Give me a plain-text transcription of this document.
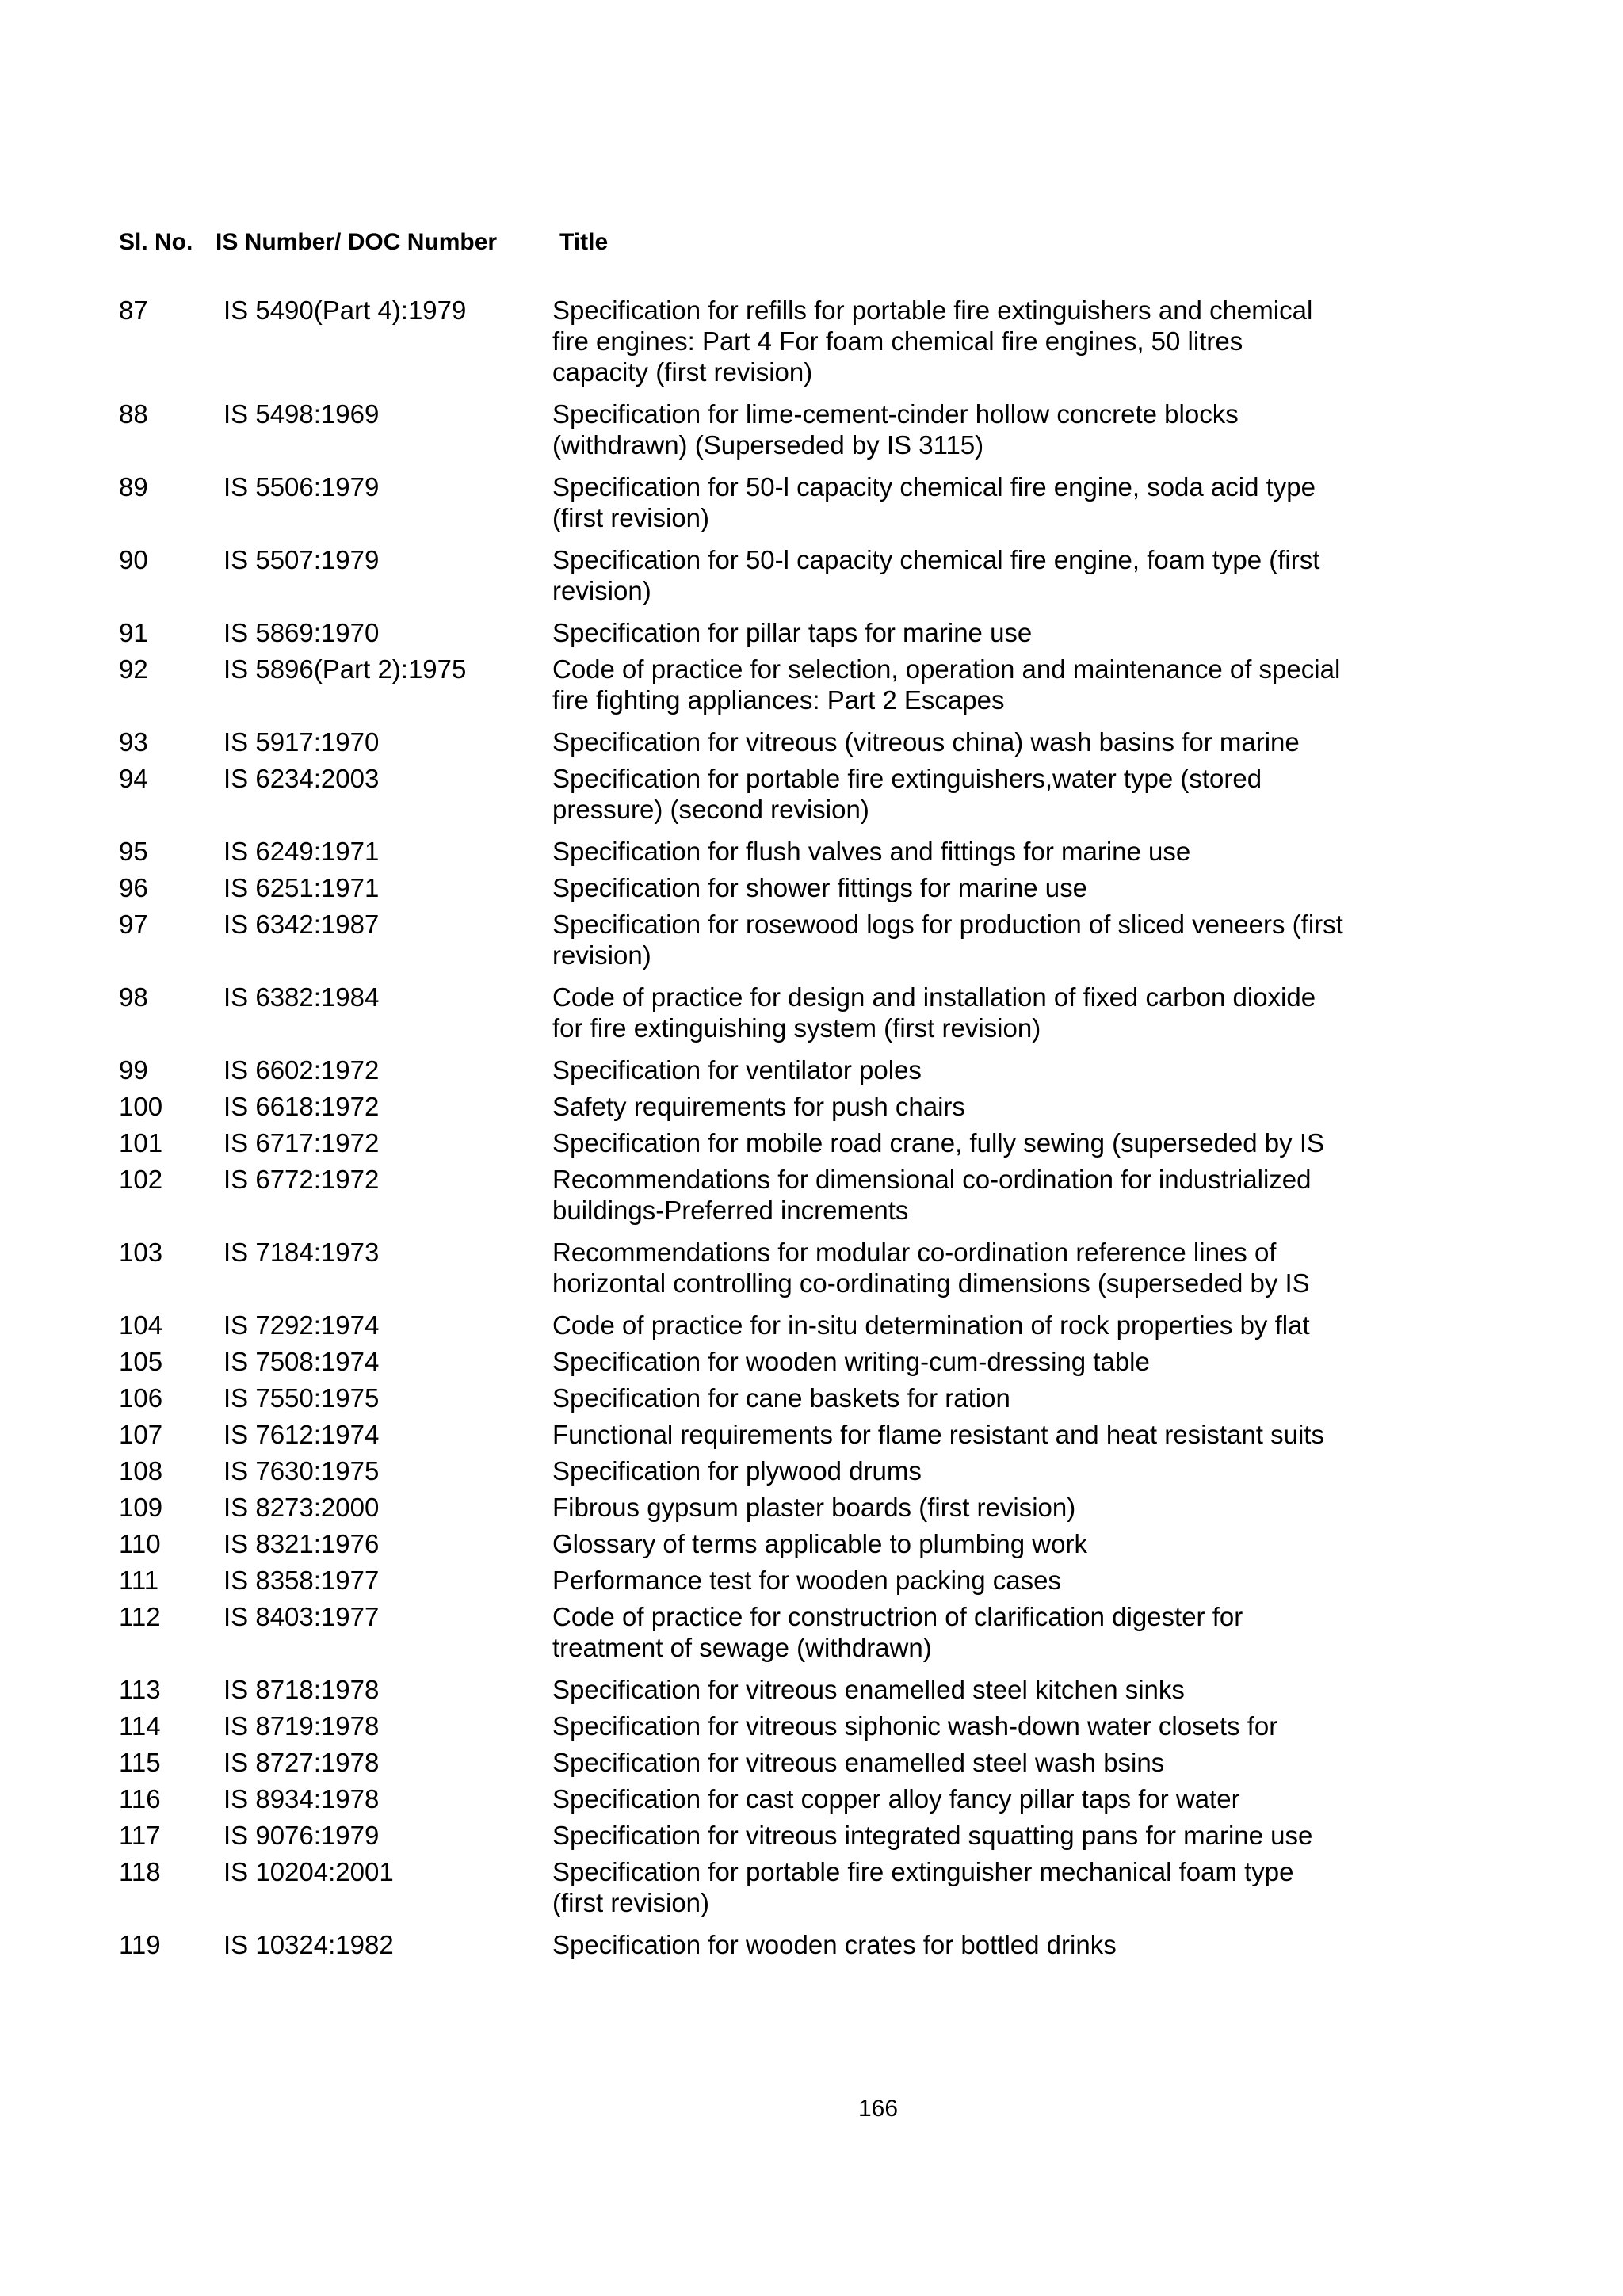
Sl. No. IS Number/ DOC Number	Title
87	IS 5490(Part 4):1979	Specification for refills for portable fire extinguishers and chemical
fire engines: Part 4 For foam chemical fire engines, 50 litres
capacity (first revision)
88	IS 5498:1969	Specification for lime-cement-cinder hollow concrete blocks
(withdrawn) (Superseded by IS 3115)
89	IS 5506:1979	Specification for 50-l capacity chemical fire engine, soda acid type
(first revision)
90	IS 5507:1979	Specification for 50-l capacity chemical fire engine, foam type (first
revision)
91	IS 5869:1970	Specification for pillar taps for marine use
92	IS 5896(Part 2):1975	Code of practice for selection, operation and maintenance of special
fire fighting appliances: Part 2 Escapes
93	IS 5917:1970	Specification for vitreous (vitreous china) wash basins for marine
94	IS 6234:2003	Specification for portable fire extinguishers,water type (stored
pressure) (second revision)
95	IS 6249:1971	Specification for flush valves and fittings for marine use
96	IS 6251:1971	Specification for shower fittings for marine use
97	IS 6342:1987	Specification for rosewood logs for production of sliced veneers (first
revision)
98	IS 6382:1984	Code of practice for design and installation of fixed carbon dioxide
for fire extinguishing system (first revision)
99	IS 6602:1972	Specification for ventilator poles
100 IS 6618:1972	Safety requirements for push chairs
101 IS 6717:1972	Specification for mobile road crane, fully sewing (superseded by IS
102 IS 6772:1972	Recommendations for dimensional co-ordination for industrialized
buildings-Preferred increments
103 IS 7184:1973	Recommendations for modular co-ordination reference lines of
horizontal controlling co-ordinating dimensions (superseded by IS
104 IS 7292:1974	Code of practice for in-situ determination of rock properties by flat
105 IS 7508:1974	Specification for wooden writing-cum-dressing table
106 IS 7550:1975	Specification for cane baskets for ration
107 IS 7612:1974	Functional requirements for flame resistant and heat resistant suits
108 IS 7630:1975	Specification for plywood drums
109 IS 8273:2000	Fibrous gypsum plaster boards (first revision)
110 IS 8321:1976	Glossary of terms applicable to plumbing work
111 IS 8358:1977	Performance test for wooden packing cases
112 IS 8403:1977	Code of practice for constructrion of clarification digester for
treatment of sewage (withdrawn)
113 IS 8718:1978	Specification for vitreous enamelled steel kitchen sinks
114 IS 8719:1978	Specification for vitreous siphonic wash-down water closets for
115 IS 8727:1978	Specification for vitreous enamelled steel wash bsins
116 IS 8934:1978	Specification for cast copper alloy fancy pillar taps for water
117 IS 9076:1979	Specification for vitreous integrated squatting pans for marine use
118 IS 10204:2001	Specification for portable fire extinguisher mechanical foam type
(first revision)
119 IS 10324:1982	Specification for wooden crates for bottled drinks
166
